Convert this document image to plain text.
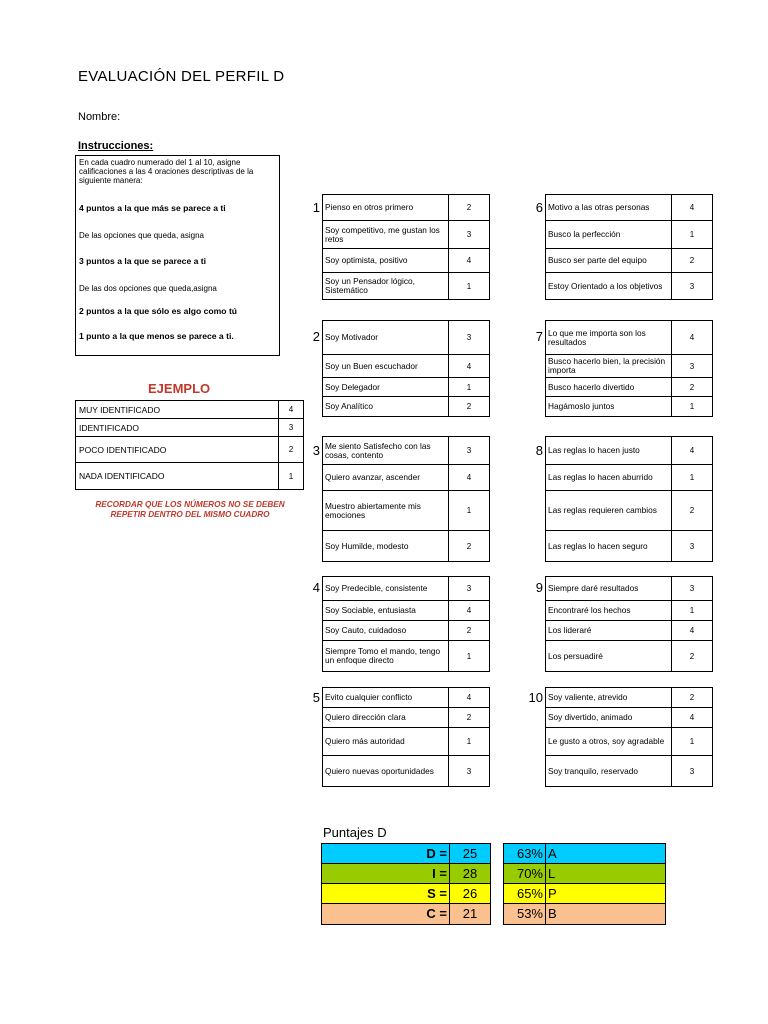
EVALUACIÓN DEL PERFIL D
Nombre:
Instrucciones:
En cada cuadro numerado del 1 al 10, asigne calificaciones a las 4 oraciones descriptivas de la siguiente manera:
4 puntos a la que más se parece a ti
De las opciones que queda, asigna
3 puntos a la que se parece a ti
De las dos opciones que queda,asigna
2 puntos a la que sólo es algo como tú
1 punto a la que menos se parece a ti.
EJEMPLO
MUY IDENTIFICADO	4
IDENTIFICADO	3
POCO IDENTIFICADO	2
NADA IDENTIFICADO	1
RECORDAR QUE LOS NÚMEROS NO SE DEBEN REPETIR DENTRO DEL MISMO CUADRO
1 Pienso en otros primero	2
Soy competitivo, me gustan los retos	3
Soy optimista, positivo	4
Soy un Pensador lógico, Sistemático	1
2 Soy Motivador	3
Soy un Buen escuchador	4
Soy Delegador	1
Soy Analítico	2
3 Me siento Satisfecho con las cosas, contento	3
Quiero avanzar, ascender	4
Muestro abiertamente mis emociones	1
Soy Humilde, modesto	2
4 Soy Predecible, consistente	3
Soy Sociable, entusiasta	4
Soy Cauto, cuidadoso	2
Siempre Tomo el mando, tengo un enfoque directo	1
5 Evito cualquier conflicto	4
Quiero dirección clara	2
Quiero más autoridad	1
Quiero nuevas oportunidades	3
6 Motivo a las otras personas	4
Busco la perfección	1
Busco ser parte del equipo	2
Estoy Orientado a los objetivos	3
7 Lo que me importa son los resultados	4
Busco hacerlo bien, la precisión importa	3
Busco hacerlo divertido	2
Hagámoslo juntos	1
8 Las reglas lo hacen justo	4
Las reglas lo hacen aburrido	1
Las reglas requieren cambios	2
Las reglas lo hacen seguro	3
9 Siempre daré resultados	3
Encontraré los hechos	1
Los lideraré	4
Los persuadiré	2
10 Soy valiente, atrevido	2
Soy divertido, animado	4
Le gusto a otros, soy agradable	1
Soy tranquilo, reservado	3
Puntajes D
D =	25
I =	28
S =	26
C =	21
63% A
70% L
65% P
53% B
